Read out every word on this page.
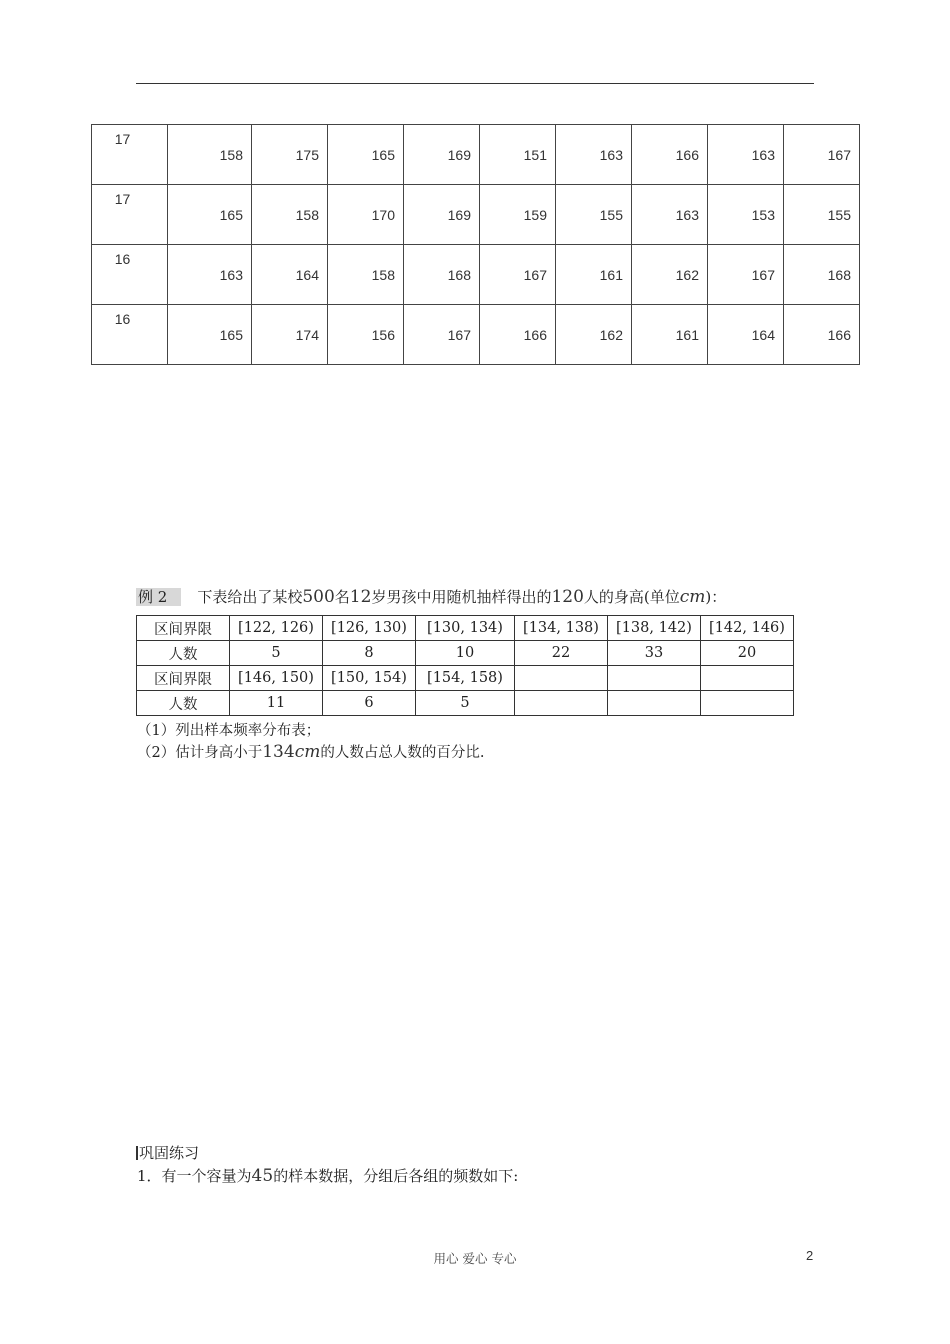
17	158	175	165	169	151	163	166	163	167

17	165	158	170	169	159	155	163	153	155

16	163	164	158	168	167	161	162	167	168

16	165	174	156	167	166	162	161	164	166
例 2 下表给出了某校500名12岁男孩中用随机抽样得出的120人的身高(单位cm)：
区间界限	[122, 126)	[126, 130)	[130, 134)	[134, 138)	[138, 142)	[142, 146)
人数	5	8	10	22	33	20
区间界限	[146, 150)	[150, 154)	[154, 158)			
人数	11	6	5			
（1）列出样本频率分布表；
（2）估计身高小于134cm的人数占总人数的百分比.
巩固练习
1．有一个容量为45的样本数据，分组后各组的频数如下:
用心 爱心 专心	2
